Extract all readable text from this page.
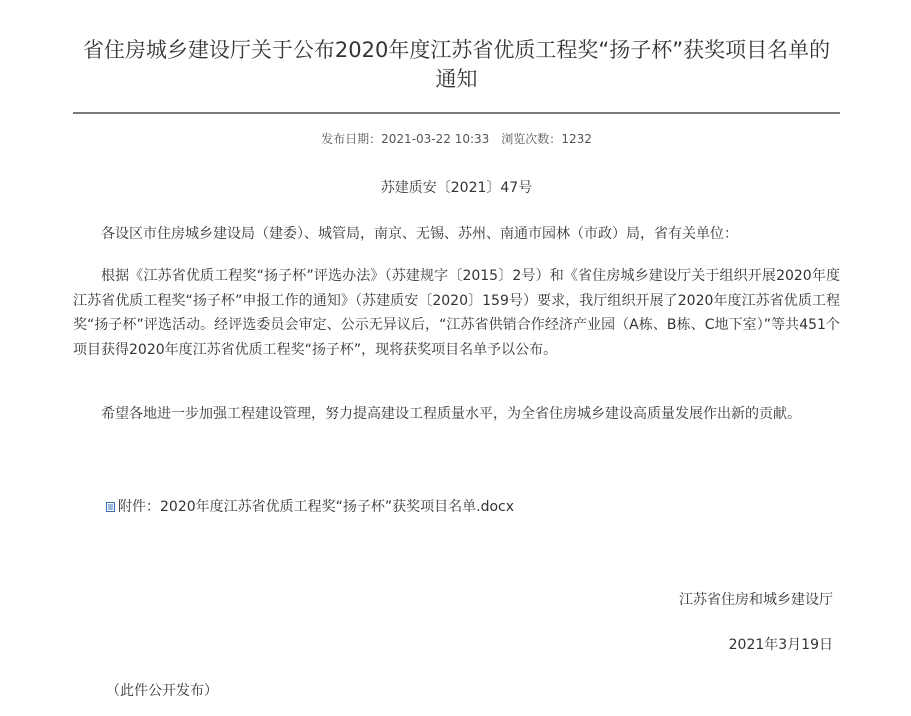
省住房城乡建设厅关于公布2020年度江苏省优质工程奖“扬子杯”获奖项目名单的通知
发布日期：2021-03-22 10:33 浏览次数：1232
苏建质安〔2021〕47号

各设区市住房城乡建设局（建委）、城管局，南京、无锡、苏州、南通市园林（市政）局，省有关单位：

根据《江苏省优质工程奖“扬子杯”评选办法》（苏建规字〔2015〕2号）和《省住房城乡建设厅关于组织开展2020年度江苏省优质工程奖“扬子杯”申报工作的通知》（苏建质安〔2020〕159号）要求，我厅组织开展了2020年度江苏省优质工程奖“扬子杯”评选活动。经评选委员会审定、公示无异议后，“江苏省供销合作经济产业园（A栋、B栋、C地下室）”等共451个项目获得2020年度江苏省优质工程奖“扬子杯”，现将获奖项目名单予以公布。

希望各地进一步加强工程建设管理，努力提高建设工程质量水平，为全省住房城乡建设高质量发展作出新的贡献。

附件：2020年度江苏省优质工程奖“扬子杯”获奖项目名单.docx
江苏省住房和城乡建设厅
2021年3月19日
（此件公开发布）
